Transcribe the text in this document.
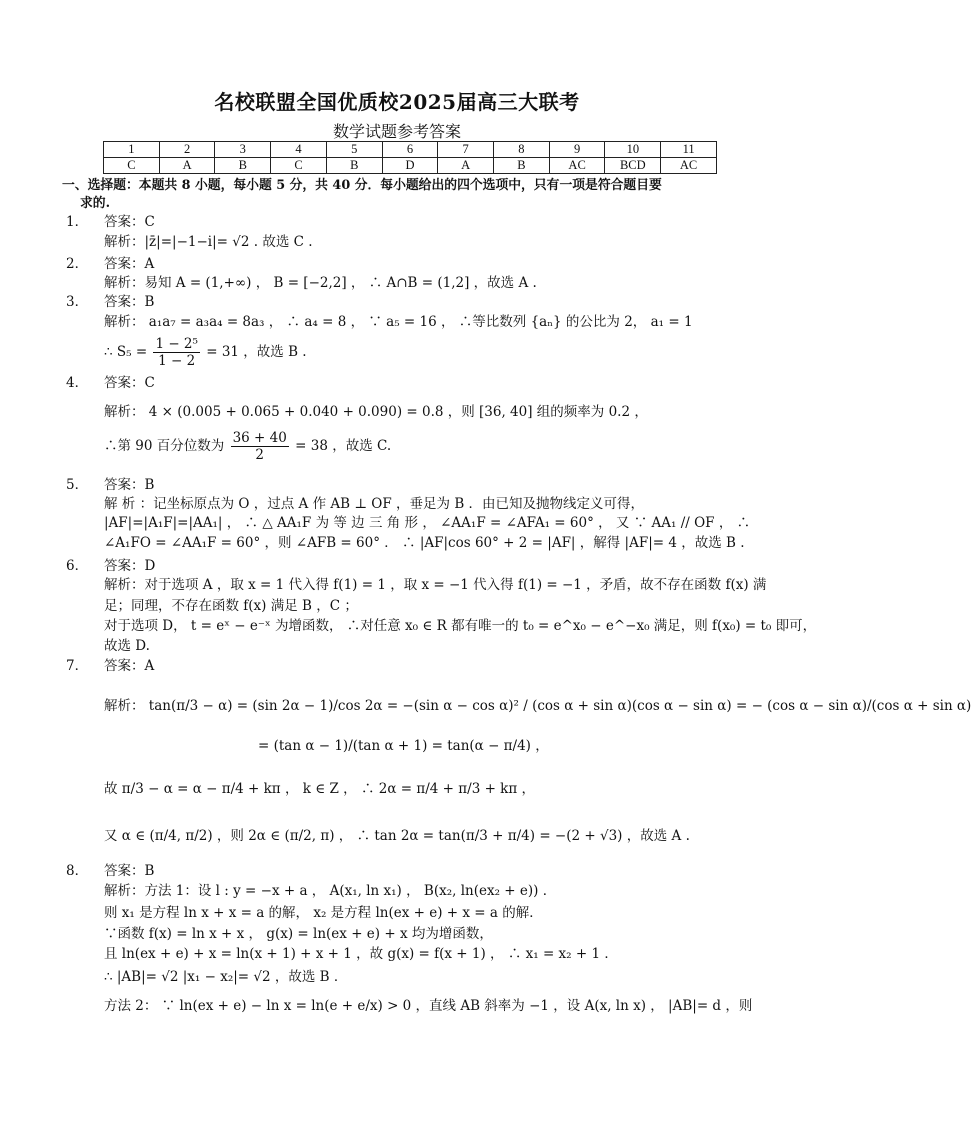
名校联盟全国优质校2025届高三大联考
数学试题参考答案
1	2	3	4	5	6	7	8	9	10	11
C	A	B	C	B	D	A	B	AC	BCD	AC
一、选择题：本题共 8 小题，每小题 5 分，共 40 分．每小题给出的四个选项中，只有一项是符合题目要
求的.
1． 答案：C
解析：|z̄|=|−1−i|= √2 . 故选 C .
2． 答案：A
解析：易知 A = (1,+∞) ， B = [−2,2] ， ∴ A∩B = (1,2] ，故选 A .
3． 答案：B
解析： a₁a₇ = a₃a₄ = 8a₃ ， ∴ a₄ = 8 ， ∵ a₅ = 16 ， ∴等比数列 {aₙ} 的公比为 2， a₁ = 1
∴ $S_5 = \frac{\text{1 − 2⁵}}{1 - 2} = 31$ ，故选 B .
4． 答案：C
解析： 4 × (0.005 + 0.065 + 0.040 + 0.090) = 0.8 ，则 [36, 40] 组的频率为 0.2 ，
∴第 90 百分位数为 $\frac{36 + 40}{2} = 38$ ，故选 C.
5． 答案：B
解 析 ：记坐标原点为 O ，过点 A 作 AB ⊥ OF ，垂足为 B ．由已知及抛物线定义可得，
|AF|=|A₁F|=|AA₁| ， ∴ △ AA₁F 为 等 边 三 角 形 ， ∠AA₁F = ∠AFA₁ = 60° ， 又 ∵ AA₁ // OF ， ∴
∠A₁FO = ∠AA₁F = 60° ，则 ∠AFB = 60° ． ∴ |AF|cos 60° + 2 = |AF| ，解得 |AF|= 4 ，故选 B .
6． 答案：D
解析：对于选项 A ，取 x = 1 代入得 f(1) = 1 ，取 x = −1 代入得 f(1) = −1 ，矛盾，故不存在函数 f(x) 满
足；同理，不存在函数 f(x) 满足 B ，C ；
对于选项 D， t = eˣ − e⁻ˣ 为增函数， ∴对任意 x₀ ∈ R 都有唯一的 t₀ = e^x₀ − e^−x₀ 满足，则 f(x₀) = t₀ 即可，
故选 D.
7． 答案：A
解析： tan(π/3 − α) = (sin 2α − 1)/cos 2α = −(sin α − cos α)² / (cos α + sin α)(cos α − sin α) = − (cos α − sin α)/(cos α + sin α)
= (tan α − 1)/(tan α + 1) = tan(α − π/4) ，
故 π/3 − α = α − π/4 + kπ ， k ∈ Z ， ∴ 2α = π/4 + π/3 + kπ ，
又 α ∈ (π/4, π/2) ，则 2α ∈ (π/2, π) ， ∴ tan 2α = tan(π/3 + π/4) = −(2 + √3) ，故选 A .
8． 答案：B
解析：方法 1：设 l : y = −x + a ， A(x₁, ln x₁) ， B(x₂, ln(ex₂ + e)) ．
则 x₁ 是方程 ln x + x = a 的解， x₂ 是方程 ln(ex + e) + x = a 的解．
∵函数 f(x) = ln x + x ， g(x) = ln(ex + e) + x 均为增函数，
且 ln(ex + e) + x = ln(x + 1) + x + 1 ，故 g(x) = f(x + 1) ， ∴ x₁ = x₂ + 1 ．
∴ |AB|= √2 |x₁ − x₂|= √2 ，故选 B ．
方法 2： ∵ ln(ex + e) − ln x = ln(e + e/x) > 0 ，直线 AB 斜率为 −1 ，设 A(x, ln x) ， |AB|= d ，则
